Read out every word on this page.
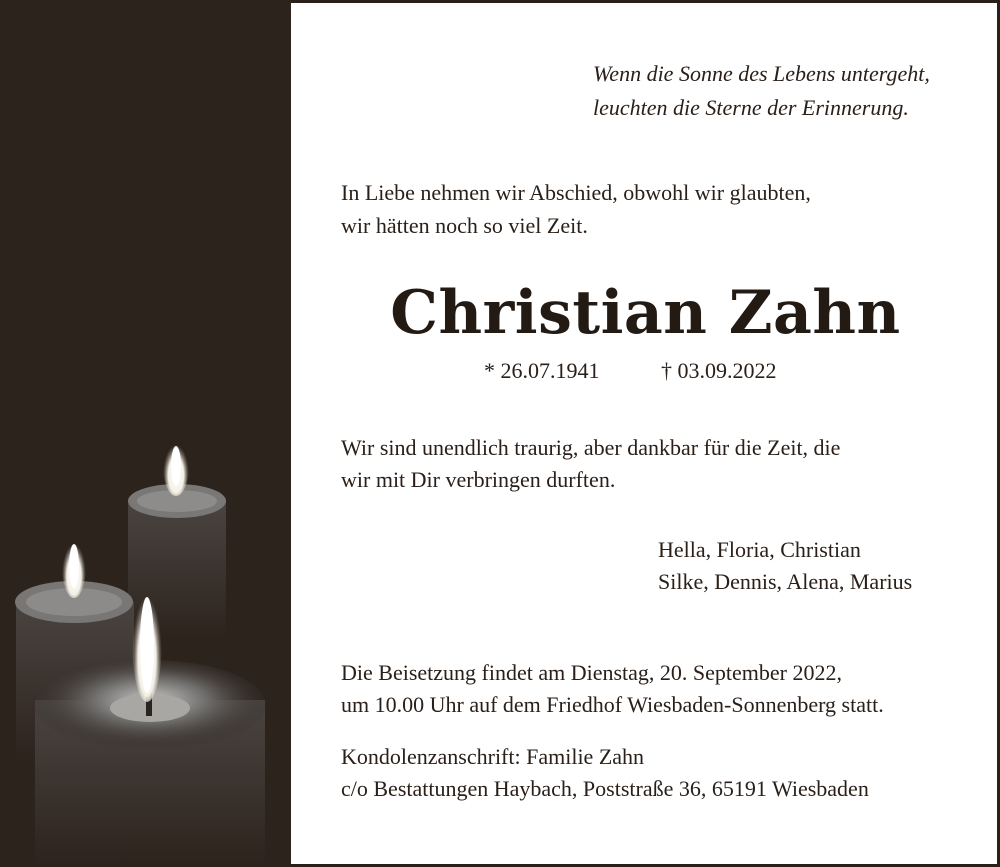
Wenn die Sonne des Lebens untergeht,
leuchten die Sterne der Erinnerung.
In Liebe nehmen wir Abschied, obwohl wir glaubten,
wir hätten noch so viel Zeit.
Christian Zahn
* 26.07.1941	† 03.09.2022
Wir sind unendlich traurig, aber dankbar für die Zeit, die
wir mit Dir verbringen durften.
Hella, Floria, Christian
Silke, Dennis, Alena, Marius
Die Beisetzung findet am Dienstag, 20. September 2022,
um 10.00 Uhr auf dem Friedhof Wiesbaden-Sonnenberg statt.
Kondolenzanschrift: Familie Zahn
c/o Bestattungen Haybach, Poststraße 36, 65191 Wiesbaden
